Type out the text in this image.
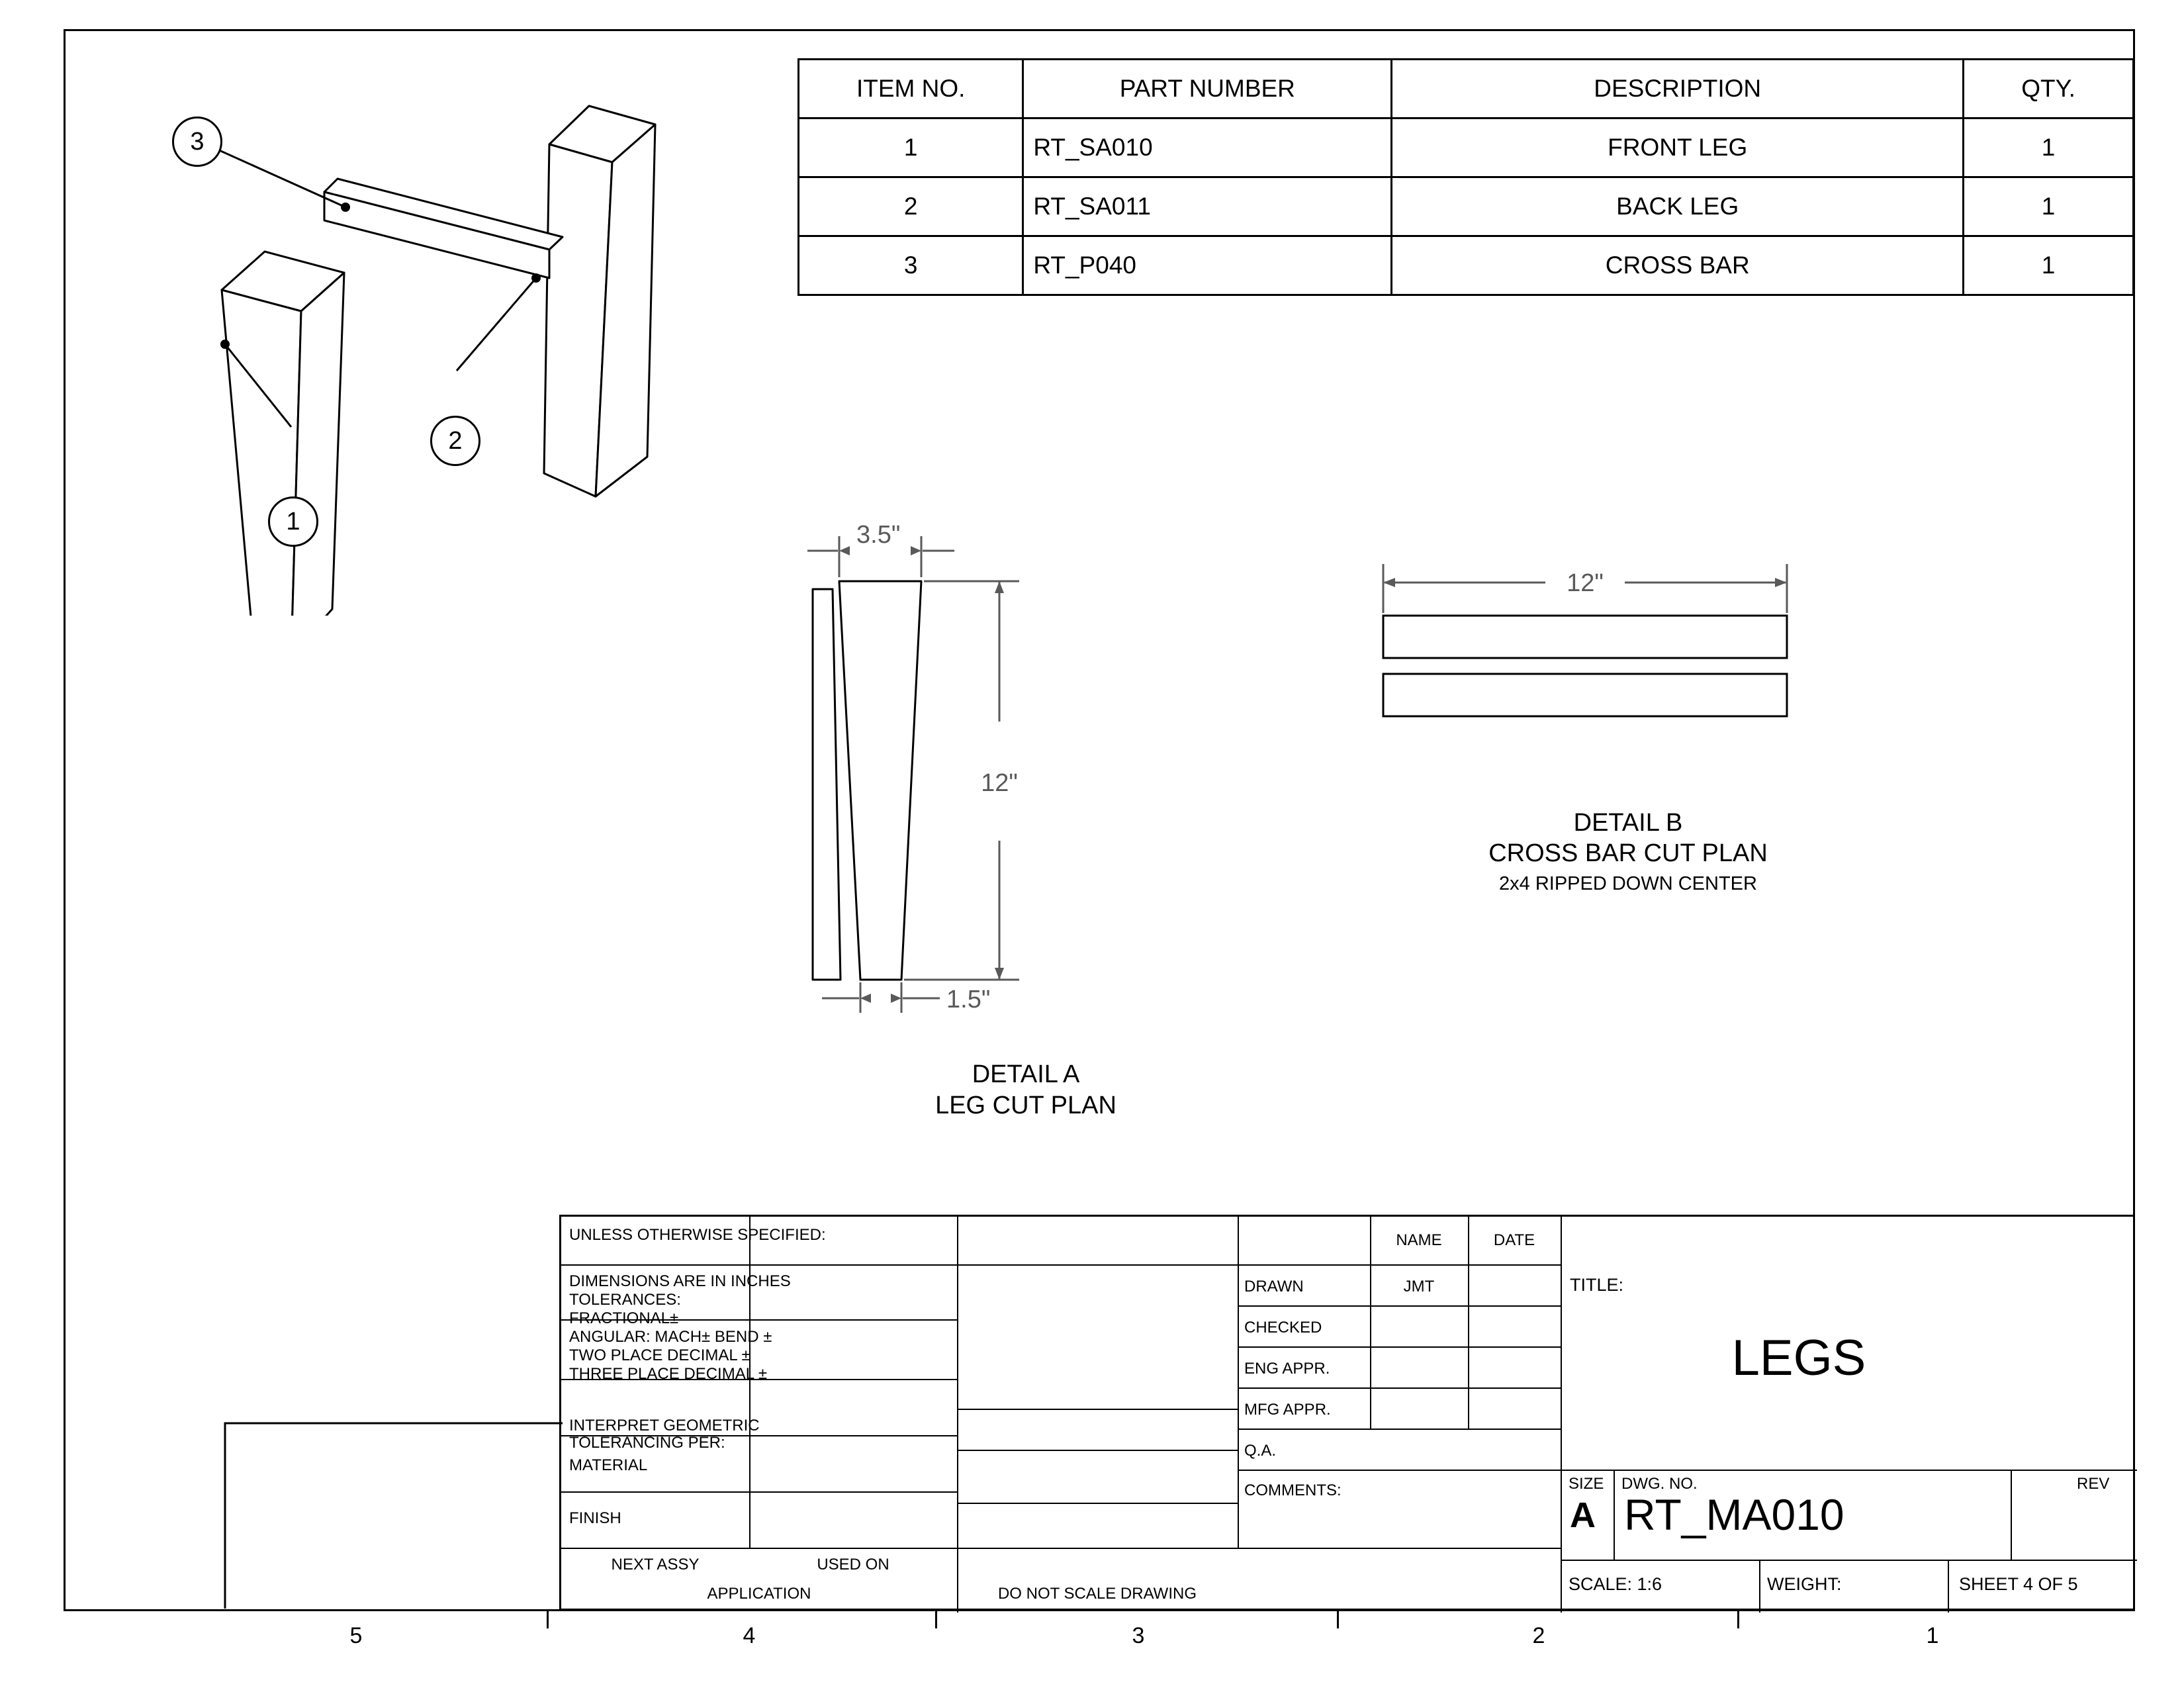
5	4	3	2	1
ITEM NO.	PART NUMBER	DESCRIPTION	QTY.
1	RT_SA010	FRONT LEG	1
2	RT_SA011	BACK LEG	1
3	RT_P040	CROSS BAR	1
3
2
1	3.5"
12"
1.5"
DETAIL A
LEG CUT PLAN
12"
DETAIL B
CROSS BAR CUT PLAN
2x4 RIPPED DOWN CENTER
UNLESS OTHERWISE SPECIFIED:
DIMENSIONS ARE IN INCHES
TOLERANCES:
FRACTIONAL±
ANGULAR: MACH± BEND ±
TWO PLACE DECIMAL ±
THREE PLACE DECIMAL ±
INTERPRET GEOMETRIC
TOLERANCING PER:
MATERIAL
FINISH
NEXT ASSY	USED ON
APPLICATION	DO NOT SCALE DRAWING
NAME	DATE
DRAWN	JMT
CHECKED
ENG APPR.
MFG APPR.
Q.A.
COMMENTS:
TITLE:
LEGS
SIZE
A
DWG. NO.
RT_MA010
REV
SCALE: 1:6	WEIGHT:	SHEET 4 OF 5
